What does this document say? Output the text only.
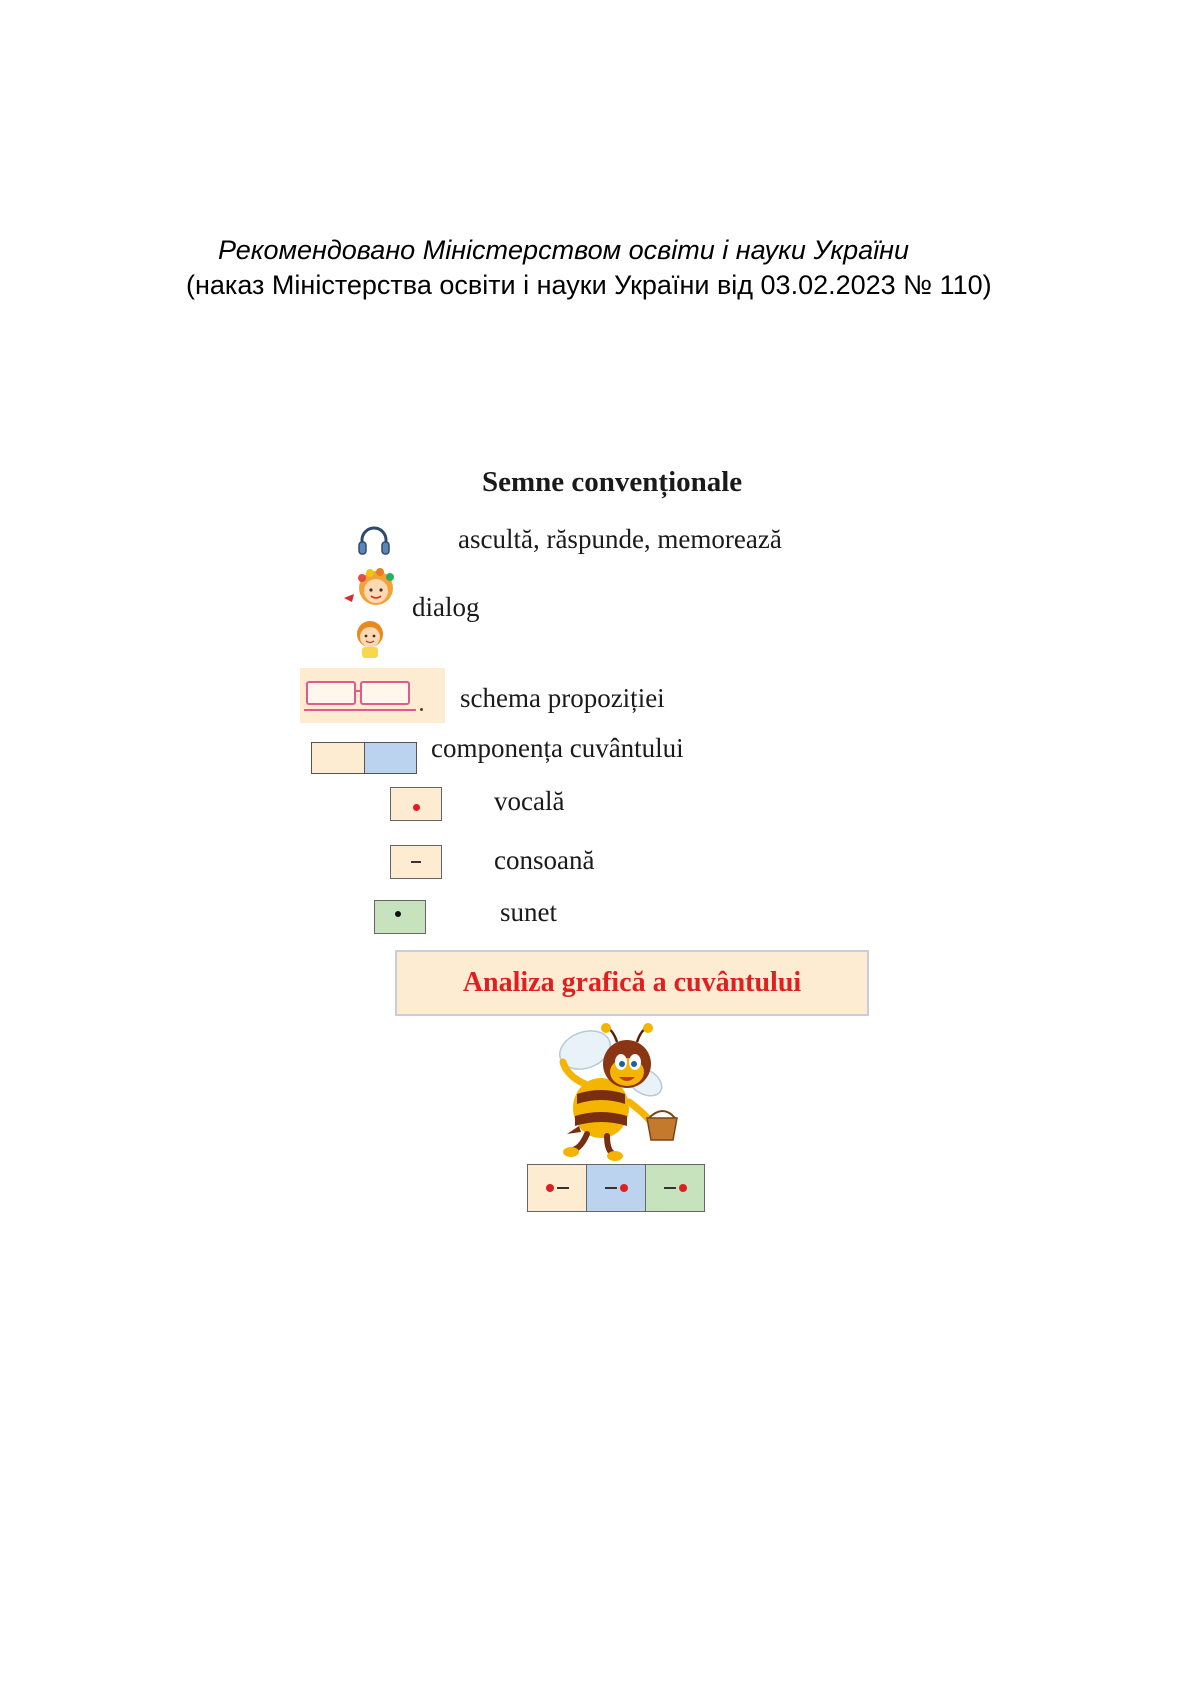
Рекомендовано Міністерством освіти і науки України
(наказ Міністерства освіти і науки України від 03.02.2023 № 110)
Semne convenționale
ascultă, răspunde, memorează
dialog
schema propoziției
componența cuvântului
vocală
consoană
sunet
Analiza grafică a cuvântului
